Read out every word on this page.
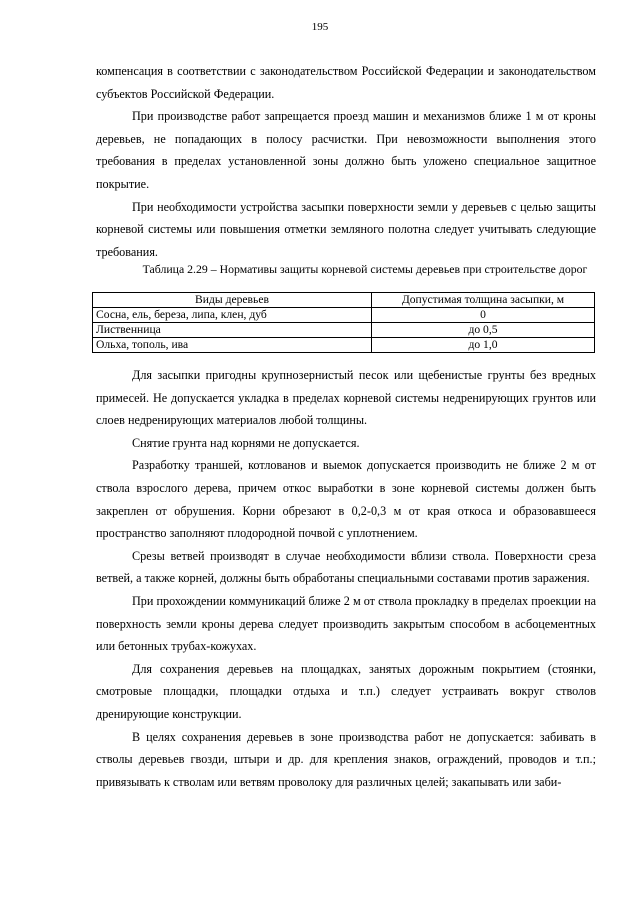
195

компенсация в соответствии с законодательством Российской Федерации и законодательством субъектов Российской Федерации.

При производстве работ запрещается проезд машин и механизмов ближе 1 м от кроны деревьев, не попадающих в полосу расчистки. При невозможности выполнения этого требования в пределах установленной зоны должно быть уложено специальное защитное покрытие.

При необходимости устройства засыпки поверхности земли у деревьев с целью защиты корневой системы или повышения отметки земляного полотна следует учитывать следующие требования.

Таблица 2.29 – Нормативы защиты корневой системы деревьев при строительстве дорог
Виды деревьев	Допустимая толщина засыпки, м
Сосна, ель, береза, липа, клен, дуб	0
Лиственница	до 0,5
Ольха, тополь, ива	до 1,0

Для засыпки пригодны крупнозернистый песок или щебенистые грунты без вредных примесей. Не допускается укладка в пределах корневой системы недренирующих грунтов или слоев недренирующих материалов любой толщины.

Снятие грунта над корнями не допускается.

Разработку траншей, котлованов и выемок допускается производить не ближе 2 м от ствола взрослого дерева, причем откос выработки в зоне корневой системы должен быть закреплен от обрушения. Корни обрезают в 0,2-0,3 м от края откоса и образовавшееся пространство заполняют плодородной почвой с уплотнением.

Срезы ветвей производят в случае необходимости вблизи ствола. Поверхности среза ветвей, а также корней, должны быть обработаны специальными составами против заражения.

При прохождении коммуникаций ближе 2 м от ствола прокладку в пределах проекции на поверхность земли кроны дерева следует производить закрытым способом в асбоцементных или бетонных трубах-кожухах.

Для сохранения деревьев на площадках, занятых дорожным покрытием (стоянки, смотровые площадки, площадки отдыха и т.п.) следует устраивать вокруг стволов дренирующие конструкции.

В целях сохранения деревьев в зоне производства работ не допускается: забивать в стволы деревьев гвозди, штыри и др. для крепления знаков, ограждений, проводов и т.п.; привязывать к стволам или ветвям проволоку для различных целей; закапывать или заби-
